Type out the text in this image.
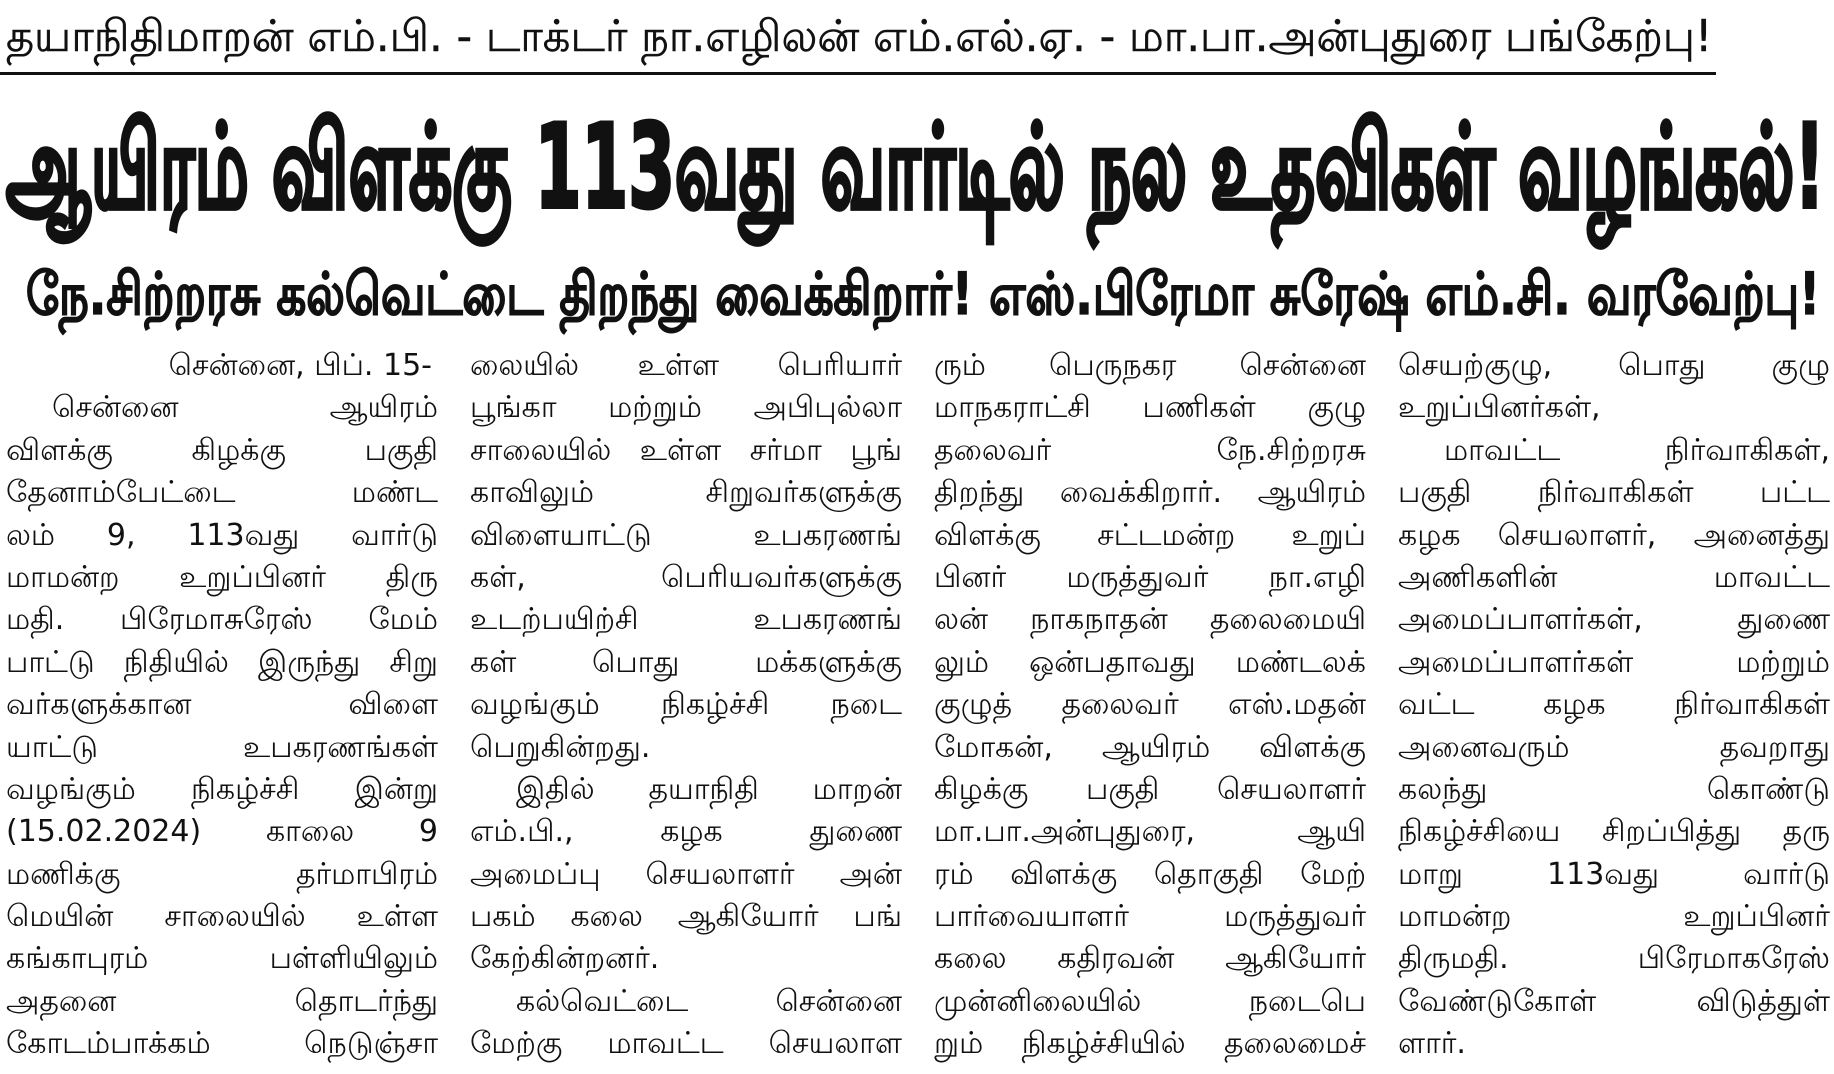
தயாநிதிமாறன் எம்.பி. - டாக்டர் நா.எழிலன் எம்.எல்.ஏ. - மா.பா.அன்புதுரை பங்கேற்பு!
ஆயிரம் விளக்கு 113வது வார்டில் நல உதவிகள் வழங்கல்!
நே.சிற்றரசு கல்வெட்டை திறந்து வைக்கிறார்! எஸ்.பிரேமா சுரேஷ் எம்.சி. வரவேற்பு!
சென்னை, பிப். 15-
சென்னை ஆயிரம்
விளக்கு கிழக்கு பகுதி
தேனாம்பேட்டை மண்ட
லம் 9, 113வது வார்டு
மாமன்ற உறுப்பினர் திரு
மதி. பிரேமாசுரேஸ் மேம்
பாட்டு நிதியில் இருந்து சிறு
வர்களுக்கான விளை
யாட்டு உபகரணங்கள்
வழங்கும் நிகழ்ச்சி இன்று
(15.02.2024) காலை 9
மணிக்கு தர்மாபிரம்
மெயின் சாலையில் உள்ள
கங்காபுரம் பள்ளியிலும்
அதனை தொடர்ந்து
கோடம்பாக்கம் நெடுஞ்சா
லையில் உள்ள பெரியார்
பூங்கா மற்றும் அபிபுல்லா
சாலையில் உள்ள சர்மா பூங்
காவிலும் சிறுவர்களுக்கு
விளையாட்டு உபகரணங்
கள், பெரியவர்களுக்கு
உடற்பயிற்சி உபகரணங்
கள் பொது மக்களுக்கு
வழங்கும் நிகழ்ச்சி நடை
பெறுகின்றது.
இதில் தயாநிதி மாறன்
எம்.பி., கழக துணை
அமைப்பு செயலாளர் அன்
பகம் கலை ஆகியோர் பங்
கேற்கின்றனர்.
கல்வெட்டை சென்னை
மேற்கு மாவட்ட செயலாள
ரும் பெருநகர சென்னை
மாநகராட்சி பணிகள் குழு
தலைவர் நே.சிற்றரசு
திறந்து வைக்கிறார். ஆயிரம்
விளக்கு சட்டமன்ற உறுப்
பினர் மருத்துவர் நா.எழி
லன் நாகநாதன் தலைமையி
லும் ஒன்பதாவது மண்டலக்
குழுத் தலைவர் எஸ்.மதன்
மோகன், ஆயிரம் விளக்கு
கிழக்கு பகுதி செயலாளர்
மா.பா.அன்புதுரை, ஆயி
ரம் விளக்கு தொகுதி மேற்
பார்வையாளர் மருத்துவர்
கலை கதிரவன் ஆகியோர்
முன்னிலையில் நடைபெ
றும் நிகழ்ச்சியில் தலைமைச்
செயற்குழு, பொது குழு
உறுப்பினர்கள்,
மாவட்ட நிர்வாகிகள்,
பகுதி நிர்வாகிகள் பட்ட
கழக செயலாளர், அனைத்து
அணிகளின் மாவட்ட
அமைப்பாளர்கள், துணை
அமைப்பாளர்கள் மற்றும்
வட்ட கழக நிர்வாகிகள்
அனைவரும் தவறாது
கலந்து கொண்டு
நிகழ்ச்சியை சிறப்பித்து தரு
மாறு 113வது வார்டு
மாமன்ற உறுப்பினர்
திருமதி. பிரேமாகரேஸ்
வேண்டுகோள் விடுத்துள்
ளார்.
